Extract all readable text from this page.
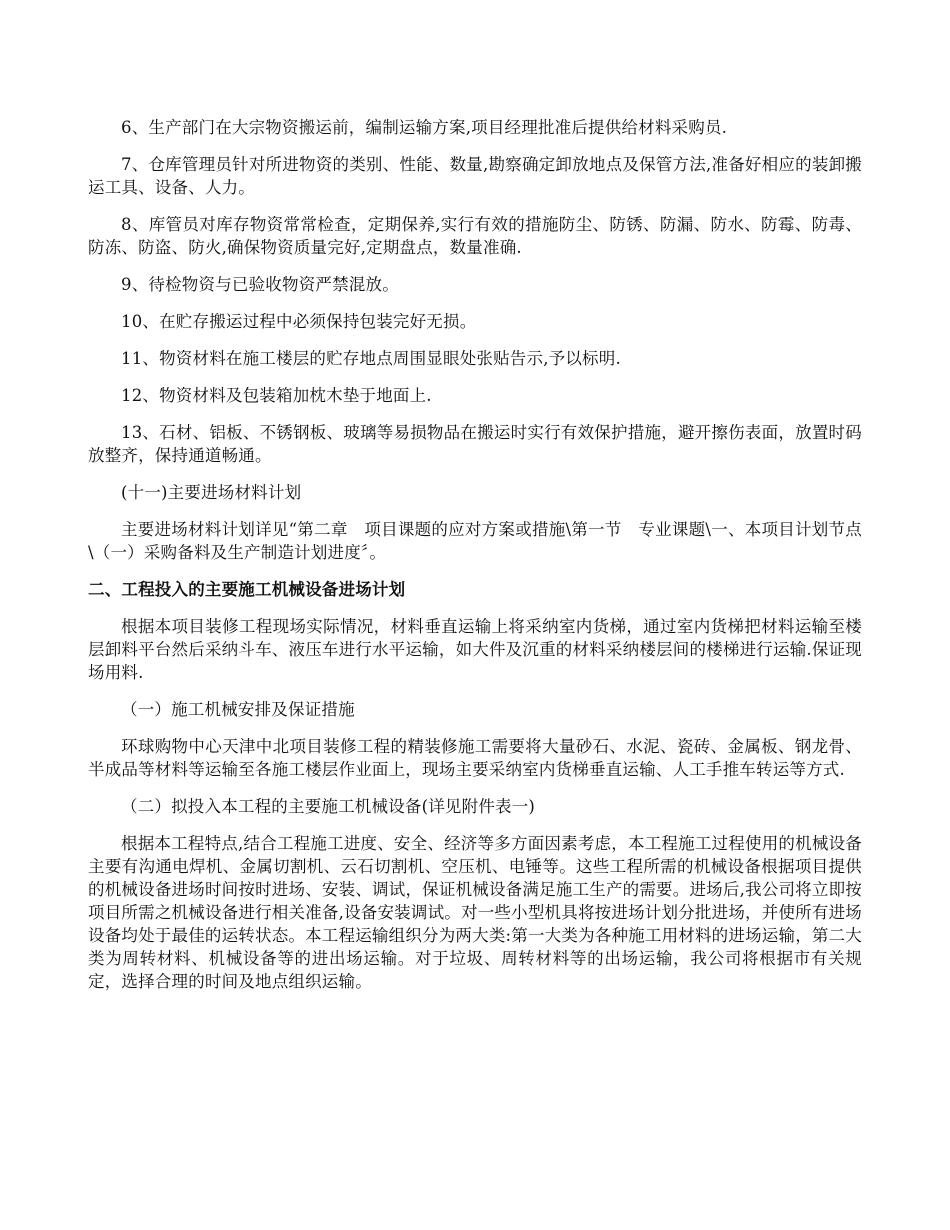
6、生产部门在大宗物资搬运前，编制运输方案,项目经理批准后提供给材料采购员.

7、仓库管理员针对所进物资的类别、性能、数量,勘察确定卸放地点及保管方法,准备好相应的装卸搬运工具、设备、人力。

8、库管员对库存物资常常检查，定期保养,实行有效的措施防尘、防锈、防漏、防水、防霉、防毒、防冻、防盗、防火,确保物资质量完好,定期盘点，数量准确.

9、待检物资与已验收物资严禁混放。

10、在贮存搬运过程中必须保持包装完好无损。

11、物资材料在施工楼层的贮存地点周围显眼处张贴告示,予以标明.

12、物资材料及包装箱加枕木垫于地面上.

13、石材、铝板、不锈钢板、玻璃等易损物品在搬运时实行有效保护措施，避开擦伤表面，放置时码放整齐，保持通道畅通。

(十一)主要进场材料计划

主要进场材料计划详见“第二章　项目课题的应对方案或措施\第一节　专业课题\一、本项目计划节点\（一）采购备料及生产制造计划进度〞。

二、工程投入的主要施工机械设备进场计划

根据本项目装修工程现场实际情况，材料垂直运输上将采纳室内货梯，通过室内货梯把材料运输至楼层卸料平台然后采纳斗车、液压车进行水平运输，如大件及沉重的材料采纳楼层间的楼梯进行运输.保证现场用料.

（一）施工机械安排及保证措施

环球购物中心天津中北项目装修工程的精装修施工需要将大量砂石、水泥、瓷砖、金属板、钢龙骨、半成品等材料等运输至各施工楼层作业面上，现场主要采纳室内货梯垂直运输、人工手推车转运等方式.

（二）拟投入本工程的主要施工机械设备(详见附件表一)

根据本工程特点,结合工程施工进度、安全、经济等多方面因素考虑，本工程施工过程使用的机械设备主要有沟通电焊机、金属切割机、云石切割机、空压机、电锤等。这些工程所需的机械设备根据项目提供的机械设备进场时间按时进场、安装、调试，保证机械设备满足施工生产的需要。进场后,我公司将立即按项目所需之机械设备进行相关准备,设备安装调试。对一些小型机具将按进场计划分批进场，并使所有进场设备均处于最佳的运转状态。本工程运输组织分为两大类:第一大类为各种施工用材料的进场运输，第二大类为周转材料、机械设备等的进出场运输。对于垃圾、周转材料等的出场运输，我公司将根据市有关规定，选择合理的时间及地点组织运输。
